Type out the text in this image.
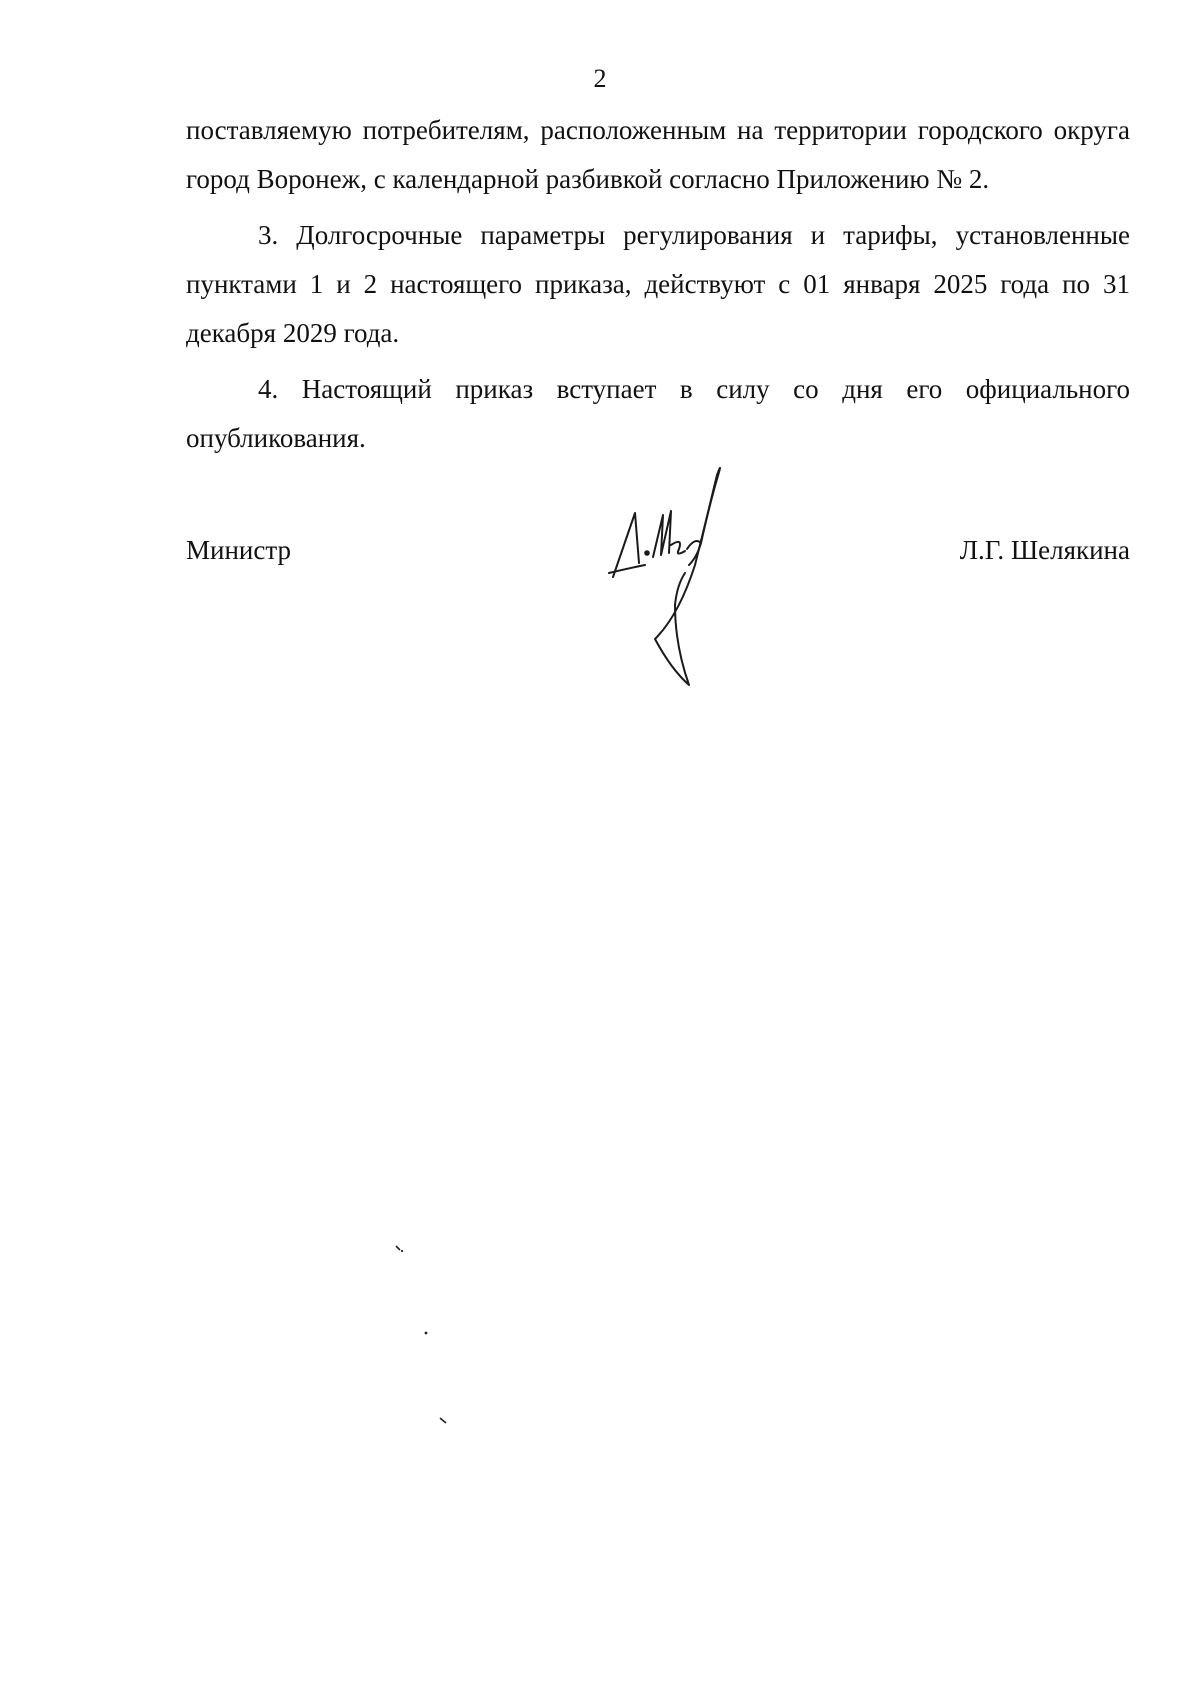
2

поставляемую потребителям, расположенным на территории городского округа город Воронеж, с календарной разбивкой согласно Приложению № 2.

3. Долгосрочные параметры регулирования и тарифы, установленные пунктами 1 и 2 настоящего приказа, действуют с 01 января 2025 года по 31 декабря 2029 года.

4. Настоящий приказ вступает в силу со дня его официального опубликования.

Министр	Л.Г. Шелякина
